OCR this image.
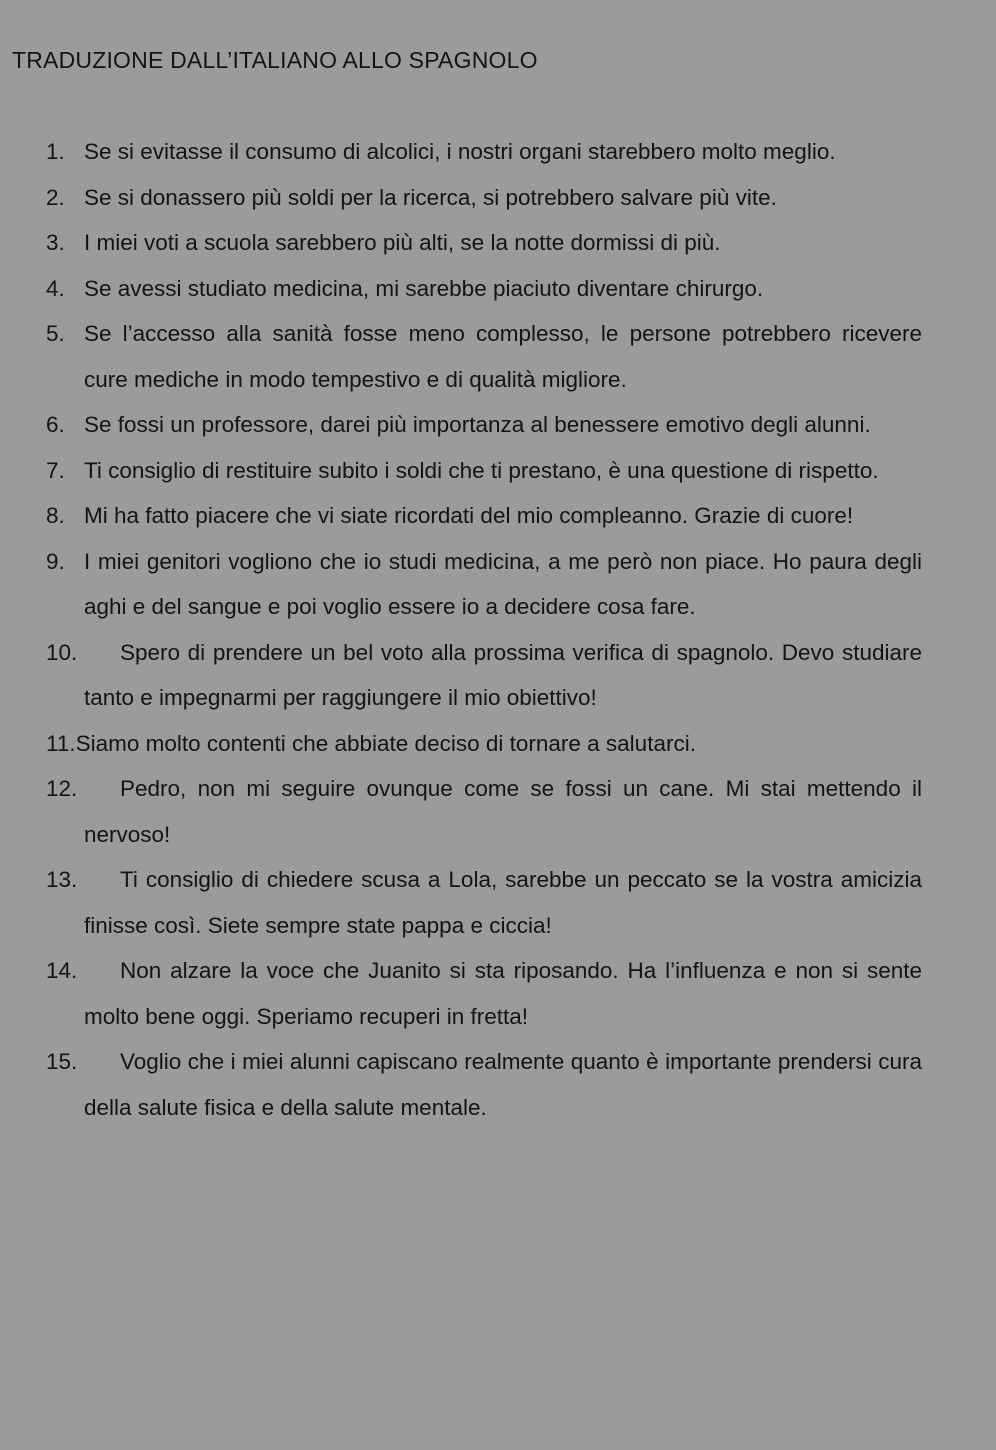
TRADUZIONE DALL’ITALIANO ALLO SPAGNOLO
1. Se si evitasse il consumo di alcolici, i nostri organi starebbero molto meglio.
2. Se si donassero più soldi per la ricerca, si potrebbero salvare più vite.
3. I miei voti a scuola sarebbero più alti, se la notte dormissi di più.
4. Se avessi studiato medicina, mi sarebbe piaciuto diventare chirurgo.
5. Se l’accesso alla sanità fosse meno complesso, le persone potrebbero ricevere cure mediche in modo tempestivo e di qualità migliore.
6. Se fossi un professore, darei più importanza al benessere emotivo degli alunni.
7. Ti consiglio di restituire subito i soldi che ti prestano, è una questione di rispetto.
8. Mi ha fatto piacere che vi siate ricordati del mio compleanno. Grazie di cuore!
9. I miei genitori vogliono che io studi medicina, a me però non piace. Ho paura degli aghi e del sangue e poi voglio essere io a decidere cosa fare.
10. Spero di prendere un bel voto alla prossima verifica di spagnolo. Devo studiare tanto e impegnarmi per raggiungere il mio obiettivo!
11.Siamo molto contenti che abbiate deciso di tornare a salutarci.
12. Pedro, non mi seguire ovunque come se fossi un cane. Mi stai mettendo il nervoso!
13. Ti consiglio di chiedere scusa a Lola, sarebbe un peccato se la vostra amicizia finisse così. Siete sempre state pappa e ciccia!
14. Non alzare la voce che Juanito si sta riposando. Ha l’influenza e non si sente molto bene oggi. Speriamo recuperi in fretta!
15. Voglio che i miei alunni capiscano realmente quanto è importante prendersi cura della salute fisica e della salute mentale.
